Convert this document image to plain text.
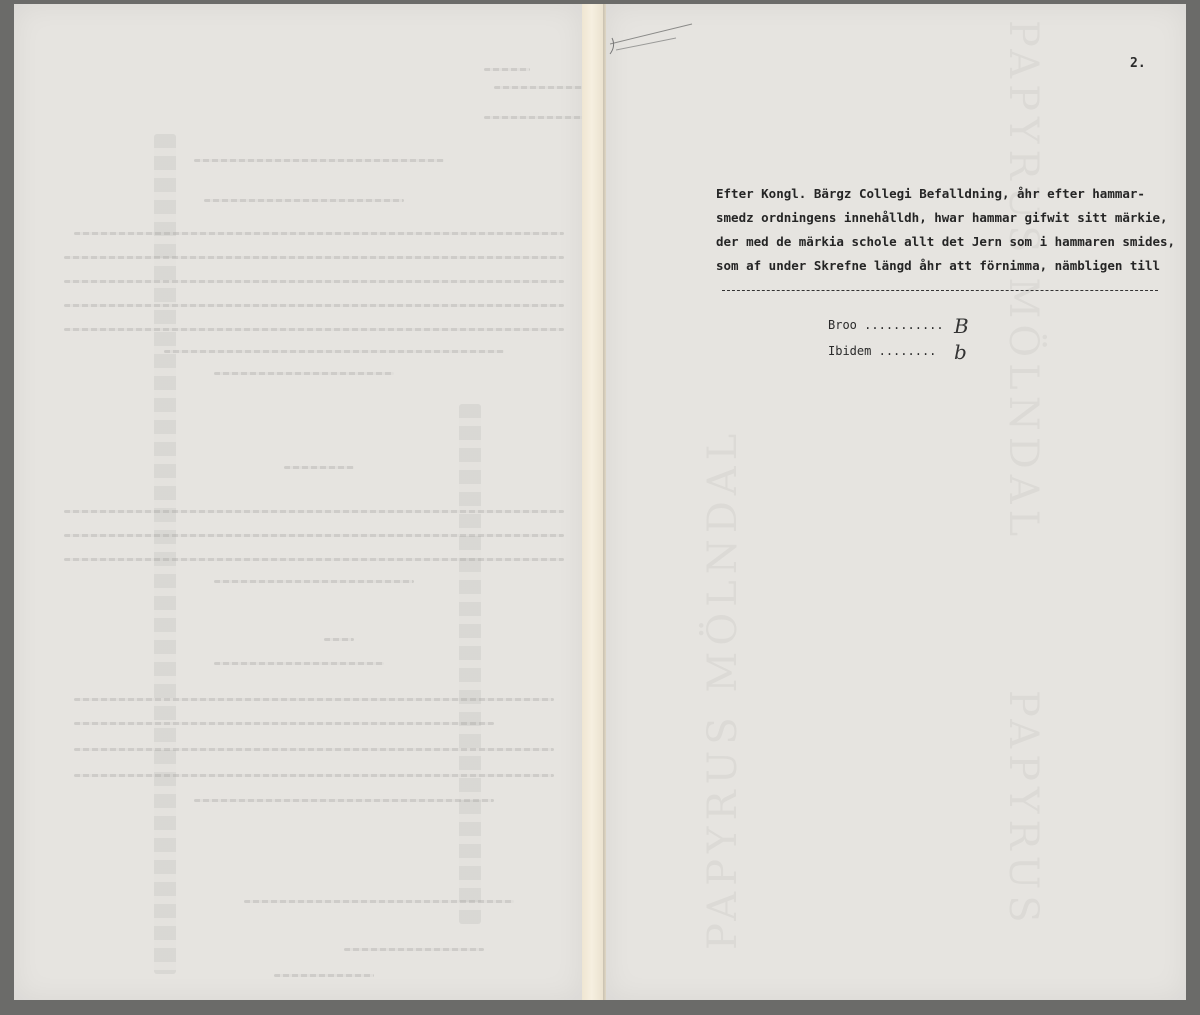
PAPYRUS MÖLNDAL
PAPYRUS MÖLNDAL	PAPYRUS
2.
Efter Kongl. Bärgz Collegi Befalldning, åhr efter hammar-
smedz ordningens innehålldh, hwar hammar gifwit sitt märkie,
der med de märkia schole allt det Jern som i hammaren smides,
som af under Skrefne längd åhr att förnimma, nämbligen till
Broo ........... B
Ibidem ........ b
